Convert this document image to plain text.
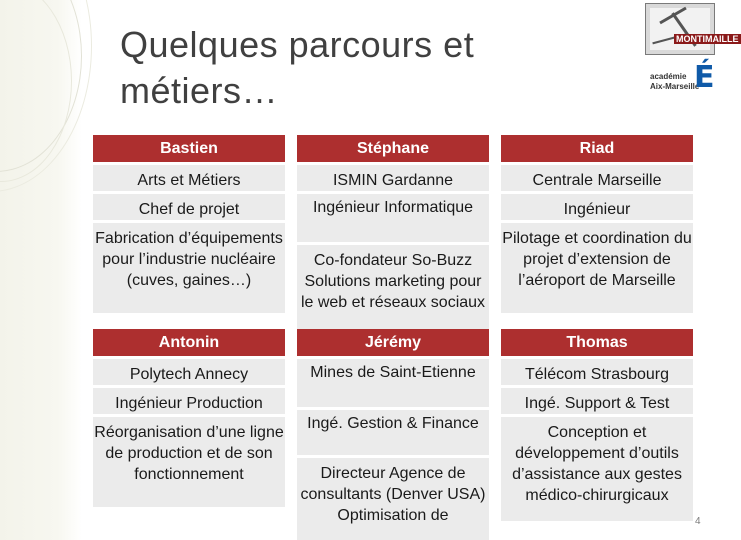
Quelques parcours et
métiers…
MONTIMAILLE
académie
Aix-Marseille
É
Bastien
Arts et Métiers
Chef de projet
Fabrication d’équipements pour l’industrie nucléaire (cuves, gaines…)
Stéphane
ISMIN Gardanne
Ingénieur Informatique
Co-fondateur So-Buzz Solutions marketing pour le web et réseaux sociaux
Riad
Centrale Marseille
Ingénieur
Pilotage et coordination du projet d’extension de l’aéroport de Marseille
Antonin
Polytech Annecy
Ingénieur Production
Réorganisation d’une ligne de production et de son fonctionnement
Jérémy
Mines de Saint-Etienne
Ingé. Gestion & Finance
Directeur Agence de consultants (Denver USA) Optimisation de
Thomas
Télécom Strasbourg
Ingé. Support & Test
Conception et développement d’outils d’assistance aux gestes médico-chirurgicaux
4
